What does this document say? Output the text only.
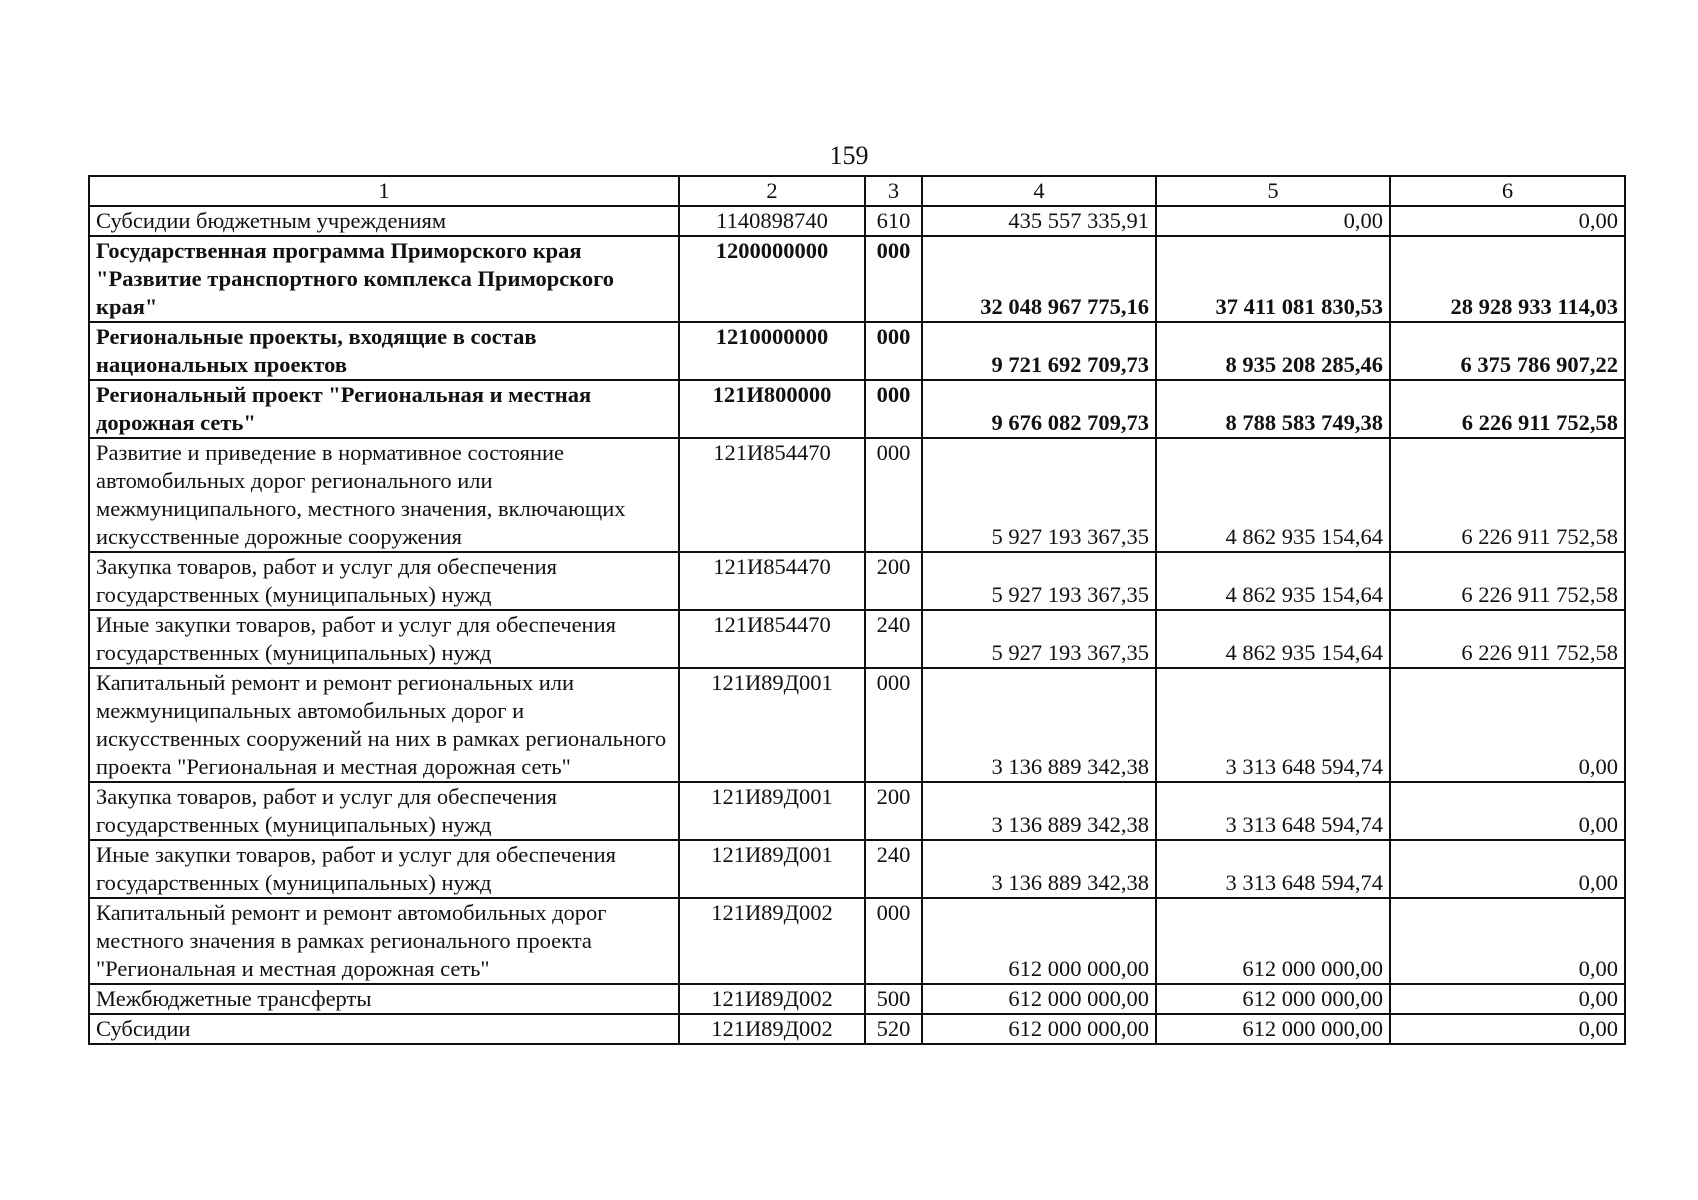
159
1	2	3	4	5	6
Субсидии бюджетным учреждениям	1140898740	610	435 557 335,91	0,00	0,00
Государственная программа Приморского края "Развитие транспортного комплекса Приморского края"	1200000000	000	32 048 967 775,16	37 411 081 830,53	28 928 933 114,03
Региональные проекты, входящие в состав национальных проектов	1210000000	000	9 721 692 709,73	8 935 208 285,46	6 375 786 907,22
Региональный проект "Региональная и местная дорожная сеть"	121И800000	000	9 676 082 709,73	8 788 583 749,38	6 226 911 752,58
Развитие и приведение в нормативное состояние автомобильных дорог регионального или межмуниципального, местного значения, включающих искусственные дорожные сооружения	121И854470	000	5 927 193 367,35	4 862 935 154,64	6 226 911 752,58
Закупка товаров, работ и услуг для обеспечения государственных (муниципальных) нужд	121И854470	200	5 927 193 367,35	4 862 935 154,64	6 226 911 752,58
Иные закупки товаров, работ и услуг для обеспечения государственных (муниципальных) нужд	121И854470	240	5 927 193 367,35	4 862 935 154,64	6 226 911 752,58
Капитальный ремонт и ремонт региональных или межмуниципальных автомобильных дорог и искусственных сооружений на них в рамках регионального проекта "Региональная и местная дорожная сеть"	121И89Д001	000	3 136 889 342,38	3 313 648 594,74	0,00
Закупка товаров, работ и услуг для обеспечения государственных (муниципальных) нужд	121И89Д001	200	3 136 889 342,38	3 313 648 594,74	0,00
Иные закупки товаров, работ и услуг для обеспечения государственных (муниципальных) нужд	121И89Д001	240	3 136 889 342,38	3 313 648 594,74	0,00
Капитальный ремонт и ремонт автомобильных дорог местного значения в рамках регионального проекта "Региональная и местная дорожная сеть"	121И89Д002	000	612 000 000,00	612 000 000,00	0,00
Межбюджетные трансферты	121И89Д002	500	612 000 000,00	612 000 000,00	0,00
Субсидии	121И89Д002	520	612 000 000,00	612 000 000,00	0,00
